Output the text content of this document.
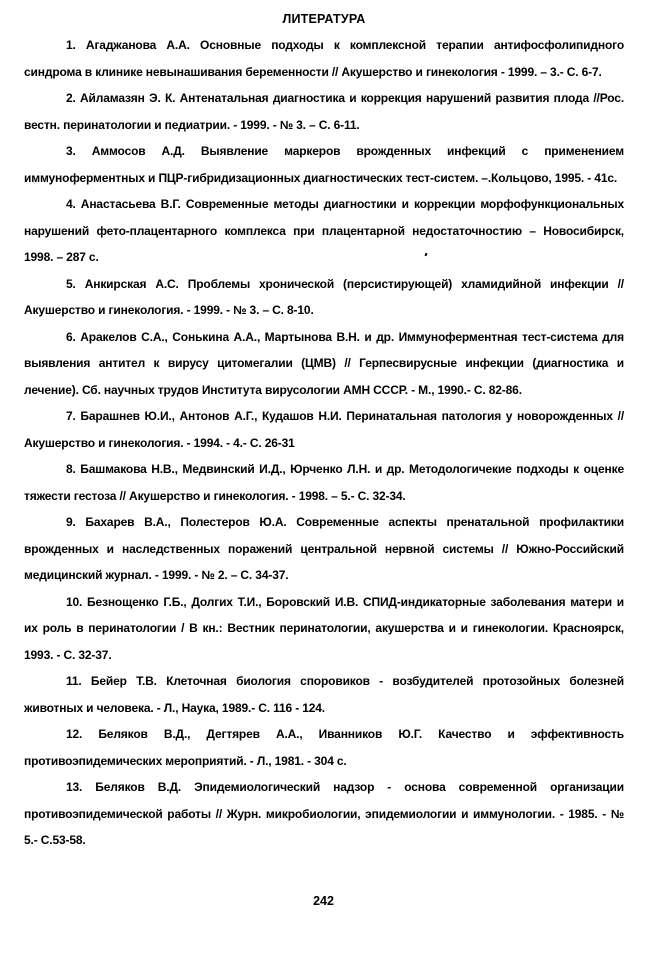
ЛИТЕРАТУРА
1. Агаджанова А.А. Основные подходы к комплексной терапии антифосфолипидного синдрома в клинике невынашивания беременности // Акушерство и гинекология - 1999. – 3.- С. 6-7.
2. Айламазян Э. К. Антенатальная диагностика и коррекция нарушений развития плода //Рос. вестн. перинатологии и педиатрии. - 1999. - № 3. – С. 6-11.
3. Аммосов А.Д. Выявление маркеров врожденных инфекций с применением иммуноферментных и ПЦР-гибридизационных диагностических тест-систем. –.Кольцово, 1995. - 41с.
4. Анастасьева В.Г. Современные методы диагностики и коррекции морфофункциональных нарушений фето-плацентарного комплекса при плацентарной недостаточностию – Новосибирск, 1998. – 287 с.
5. Анкирская А.С. Проблемы хронической (персистирующей) хламидийной инфекции // Акушерство и гинекология. - 1999. - № 3. – С. 8-10.
6. Аракелов С.А., Сонькина А.А., Мартынова В.Н. и др. Иммуноферментная тест-система для выявления антител к вирусу цитомегалии (ЦМВ) // Герпесвирусные инфекции (диагностика и лечение). Сб. научных трудов Института вирусологии АМН СССР. - М., 1990.- С. 82-86.
7. Барашнев Ю.И., Антонов А.Г., Кудашов Н.И. Перинатальная патология у новорожденных // Акушерство и гинекология. - 1994. - 4.- С. 26-31
8. Башмакова Н.В., Медвинский И.Д., Юрченко Л.Н. и др. Методологичекие подходы к оценке тяжести гестоза // Акушерство и гинекология. - 1998. – 5.- С. 32-34.
9. Бахарев В.А., Полестеров Ю.А. Современные аспекты пренатальной профилактики врожденных и наследственных поражений центральной нервной системы // Южно-Российский медицинский журнал. - 1999. - № 2. – С. 34-37.
10. Безнощенко Г.Б., Долгих Т.И., Боровский И.В. СПИД-индикаторные заболевания матери и их роль в перинатологии / В кн.: Вестник перинатологии, акушерства и и гинекологии. Красноярск, 1993. - С. 32-37.
11. Бейер Т.В. Клеточная биология споровиков - возбудителей протозойных болезней животных и человека. - Л., Наука, 1989.- С. 116 - 124.
12. Беляков В.Д., Дегтярев А.А., Иванников Ю.Г. Качество и эффективность противоэпидемических мероприятий. - Л., 1981. - 304 с.
13. Беляков В.Д. Эпидемиологический надзор - основа современной организации противоэпидемической работы // Журн. микробиологии, эпидемиологии и иммунологии. - 1985. - № 5.- С.53-58.
242
